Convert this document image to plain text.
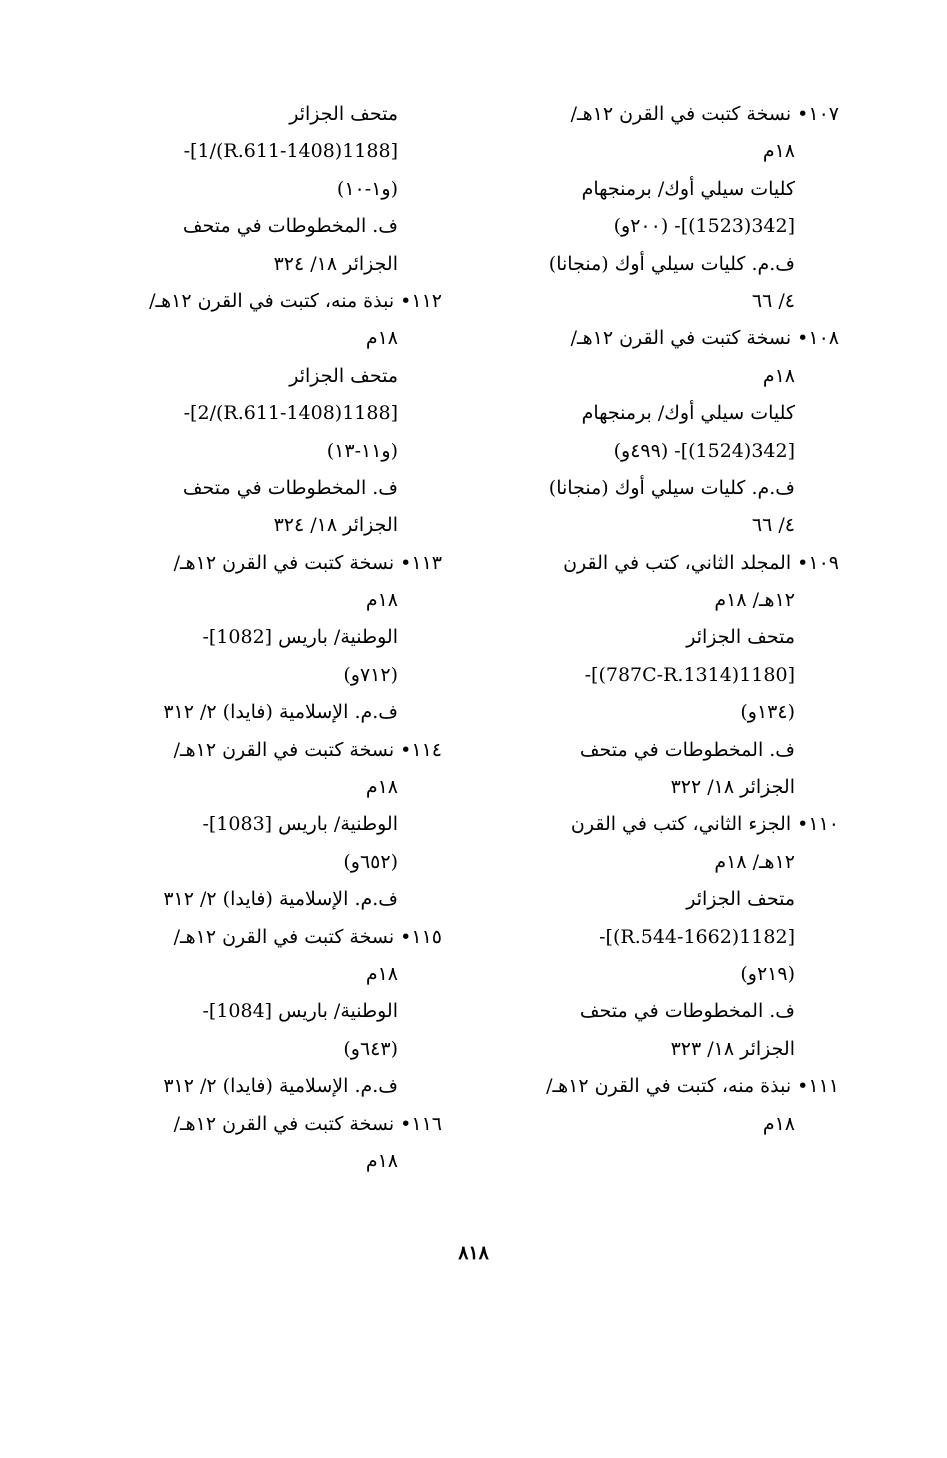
١٠٧• نسخة كتبت في القرن ١٢هـ/
١٨م
كليات سيلي أوك/ برمنجهام
[342(1523)]- (٢٠٠و)
ف.م. كليات سيلي أوك (منجانا)
٤/ ٦٦
١٠٨• نسخة كتبت في القرن ١٢هـ/
١٨م
كليات سيلي أوك/ برمنجهام
[342(1524)]- (٤٩٩و)
ف.م. كليات سيلي أوك (منجانا)
٤/ ٦٦
١٠٩• المجلد الثاني، كتب في القرن
١٢هـ/ ١٨م
متحف الجزائر
[1180(787C-R.1314)]-
(١٣٤و)
ف. المخطوطات في متحف
الجزائر ١٨/ ٣٢٢
١١٠• الجزء الثاني، كتب في القرن
١٢هـ/ ١٨م
متحف الجزائر
[1182(1662-R.544)]-
(٢١٩و)
ف. المخطوطات في متحف
الجزائر ١٨/ ٣٢٣
١١١• نبذة منه، كتبت في القرن ١٢هـ/
١٨م
متحف الجزائر
[1188(1408-R.611)/1]-
(و١-١٠)
ف. المخطوطات في متحف
الجزائر ١٨/ ٣٢٤
١١٢• نبذة منه، كتبت في القرن ١٢هـ/
١٨م
متحف الجزائر
[1188(1408-R.611)/2]-
(و١١-١٣)
ف. المخطوطات في متحف
الجزائر ١٨/ ٣٢٤
١١٣• نسخة كتبت في القرن ١٢هـ/
١٨م
الوطنية/ باريس [1082]-
(٧١٢و)
ف.م. الإسلامية (فايدا) ٢/ ٣١٢
١١٤• نسخة كتبت في القرن ١٢هـ/
١٨م
الوطنية/ باريس [1083]-
(٦٥٢و)
ف.م. الإسلامية (فايدا) ٢/ ٣١٢
١١٥• نسخة كتبت في القرن ١٢هـ/
١٨م
الوطنية/ باريس [1084]-
(٦٤٣و)
ف.م. الإسلامية (فايدا) ٢/ ٣١٢
١١٦• نسخة كتبت في القرن ١٢هـ/
١٨م
٨١٨
